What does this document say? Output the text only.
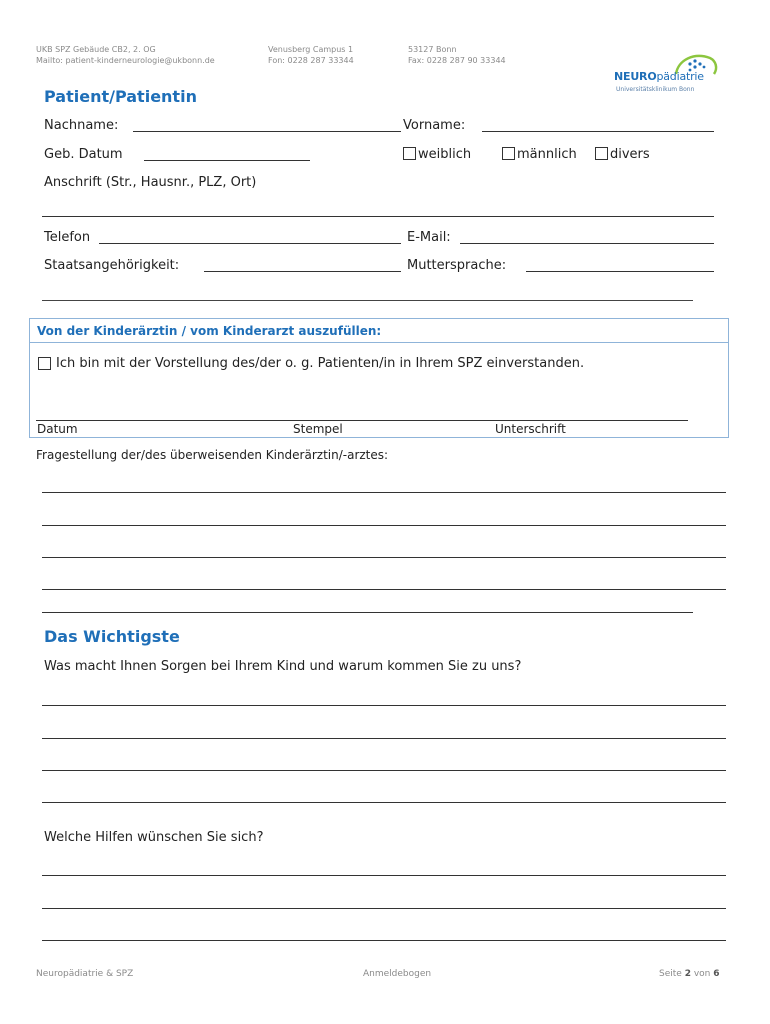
UKB SPZ Gebäude CB2, 2. OG
Mailto: patient-kinderneurologie@ukbonn.de
Venusberg Campus 1
Fon: 0228 287 33344
53127 Bonn
Fax: 0228 287 90 33344
NEUROpädiatrie
Universitätsklinikum Bonn
Patient/Patientin
Nachname:	Vorname:
Geb. Datum	weiblich	männlich	divers
Anschrift (Str., Hausnr., PLZ, Ort)
Telefon	E-Mail:
Staatsangehörigkeit:	Muttersprache:
Von der Kinderärztin / vom Kinderarzt auszufüllen:
Ich bin mit der Vorstellung des/der o. g. Patienten/in in Ihrem SPZ einverstanden.
Datum	Stempel	Unterschrift
Fragestellung der/des überweisenden Kinderärztin/-arztes:
Das Wichtigste
Was macht Ihnen Sorgen bei Ihrem Kind und warum kommen Sie zu uns?
Welche Hilfen wünschen Sie sich?
Neuropädiatrie & SPZ	Anmeldebogen	Seite 2 von 6
